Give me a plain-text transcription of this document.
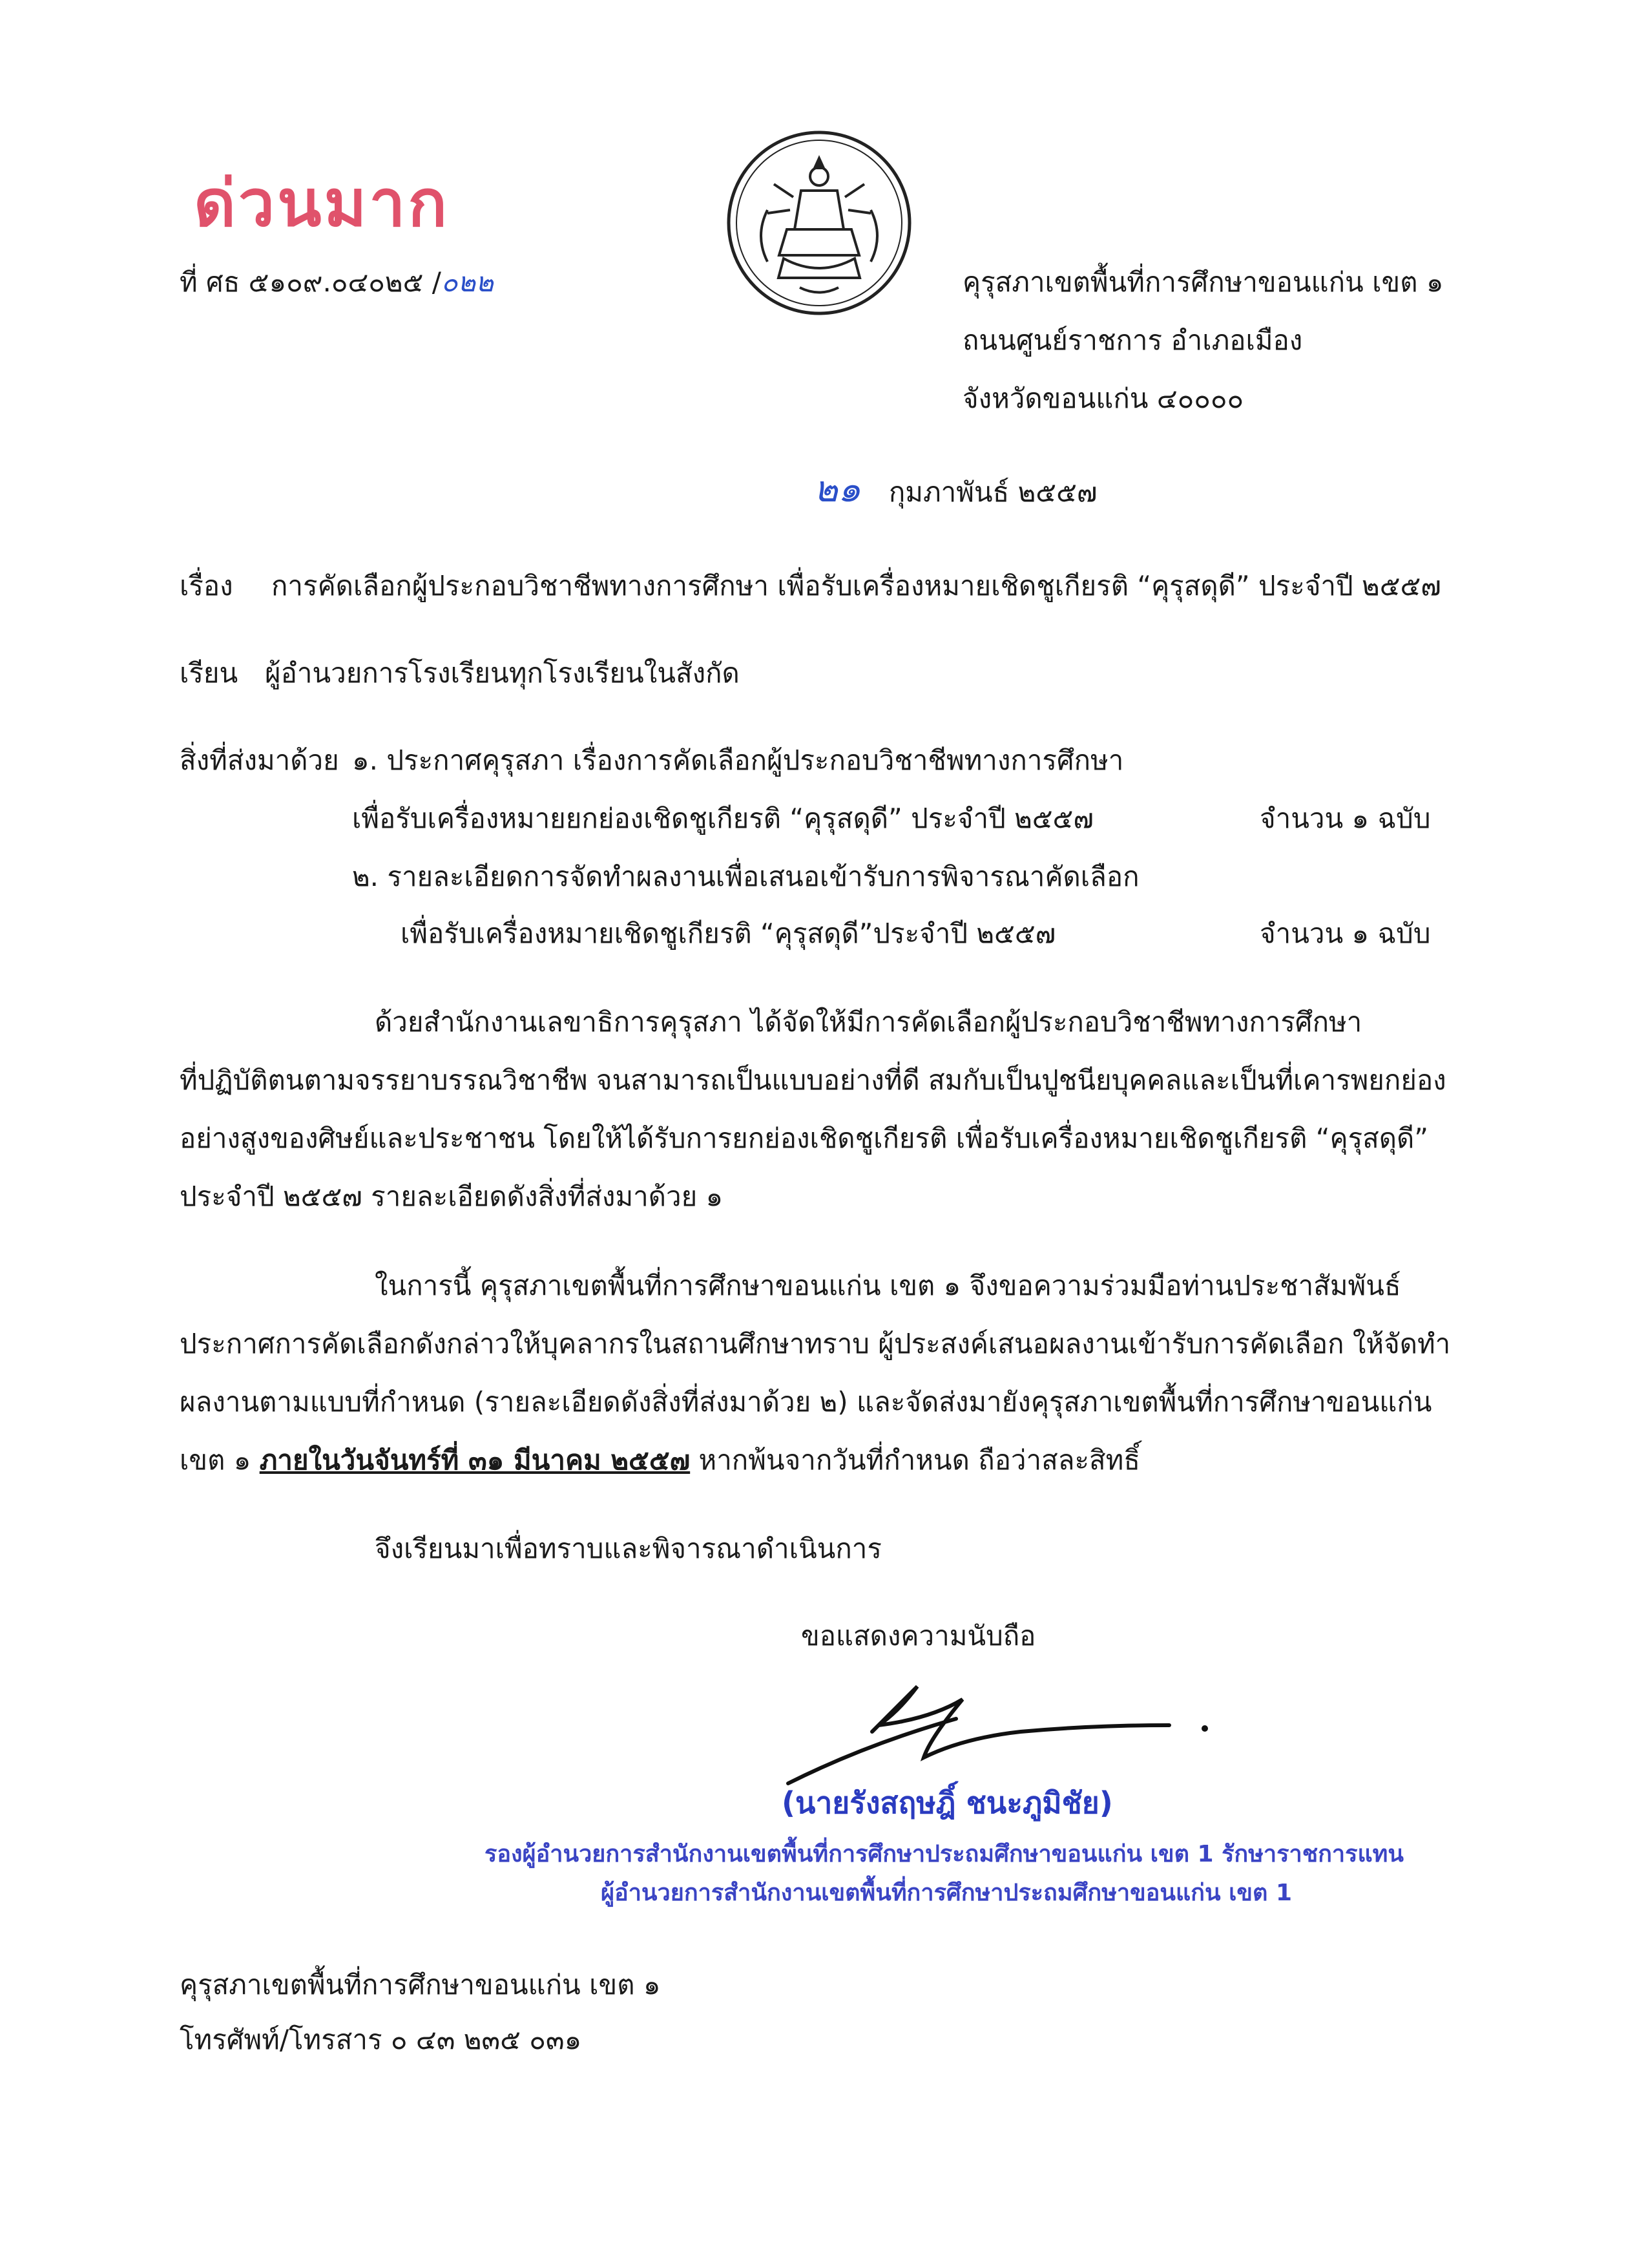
ด่วนมาก
ที่ ศธ ๕๑๐๙.๐๔๐๒๕ /๐๒๒	คุรุสภาเขตพื้นที่การศึกษาขอนแก่น เขต ๑
ถนนศูนย์ราชการ อำเภอเมือง
จังหวัดขอนแก่น ๔๐๐๐๐
๒๑ กุมภาพันธ์ ๒๕๕๗
เรื่อง การคัดเลือกผู้ประกอบวิชาชีพทางการศึกษา เพื่อรับเครื่องหมายเชิดชูเกียรติ “คุรุสดุดี” ประจำปี ๒๕๕๗
เรียน ผู้อำนวยการโรงเรียนทุกโรงเรียนในสังกัด
สิ่งที่ส่งมาด้วย ๑. ประกาศคุรุสภา เรื่องการคัดเลือกผู้ประกอบวิชาชีพทางการศึกษา
เพื่อรับเครื่องหมายยกย่องเชิดชูเกียรติ “คุรุสดุดี” ประจำปี ๒๕๕๗	จำนวน ๑ ฉบับ
๒. รายละเอียดการจัดทำผลงานเพื่อเสนอเข้ารับการพิจารณาคัดเลือก
เพื่อรับเครื่องหมายเชิดชูเกียรติ “คุรุสดุดี”ประจำปี ๒๕๕๗	จำนวน ๑ ฉบับ
ด้วยสำนักงานเลขาธิการคุรุสภา ได้จัดให้มีการคัดเลือกผู้ประกอบวิชาชีพทางการศึกษา
ที่ปฏิบัติตนตามจรรยาบรรณวิชาชีพ จนสามารถเป็นแบบอย่างที่ดี สมกับเป็นปูชนียบุคคลและเป็นที่เคารพยกย่อง
อย่างสูงของศิษย์และประชาชน โดยให้ได้รับการยกย่องเชิดชูเกียรติ เพื่อรับเครื่องหมายเชิดชูเกียรติ “คุรุสดุดี”
ประจำปี ๒๕๕๗ รายละเอียดดังสิ่งที่ส่งมาด้วย ๑
ในการนี้ คุรุสภาเขตพื้นที่การศึกษาขอนแก่น เขต ๑ จึงขอความร่วมมือท่านประชาสัมพันธ์
ประกาศการคัดเลือกดังกล่าวให้บุคลากรในสถานศึกษาทราบ ผู้ประสงค์เสนอผลงานเข้ารับการคัดเลือก ให้จัดทำ
ผลงานตามแบบที่กำหนด (รายละเอียดดังสิ่งที่ส่งมาด้วย ๒) และจัดส่งมายังคุรุสภาเขตพื้นที่การศึกษาขอนแก่น
เขต ๑ ภายในวันจันทร์ที่ ๓๑ มีนาคม ๒๕๕๗ หากพ้นจากวันที่กำหนด ถือว่าสละสิทธิ์
จึงเรียนมาเพื่อทราบและพิจารณาดำเนินการ
ขอแสดงความนับถือ
(นายรังสฤษฎิ์ ชนะภูมิชัย)
รองผู้อำนวยการสำนักงานเขตพื้นที่การศึกษาประถมศึกษาขอนแก่น เขต 1 รักษาราชการแทน
ผู้อำนวยการสำนักงานเขตพื้นที่การศึกษาประถมศึกษาขอนแก่น เขต 1
คุรุสภาเขตพื้นที่การศึกษาขอนแก่น เขต ๑
โทรศัพท์/โทรสาร ๐ ๔๓ ๒๓๕ ๐๓๑
